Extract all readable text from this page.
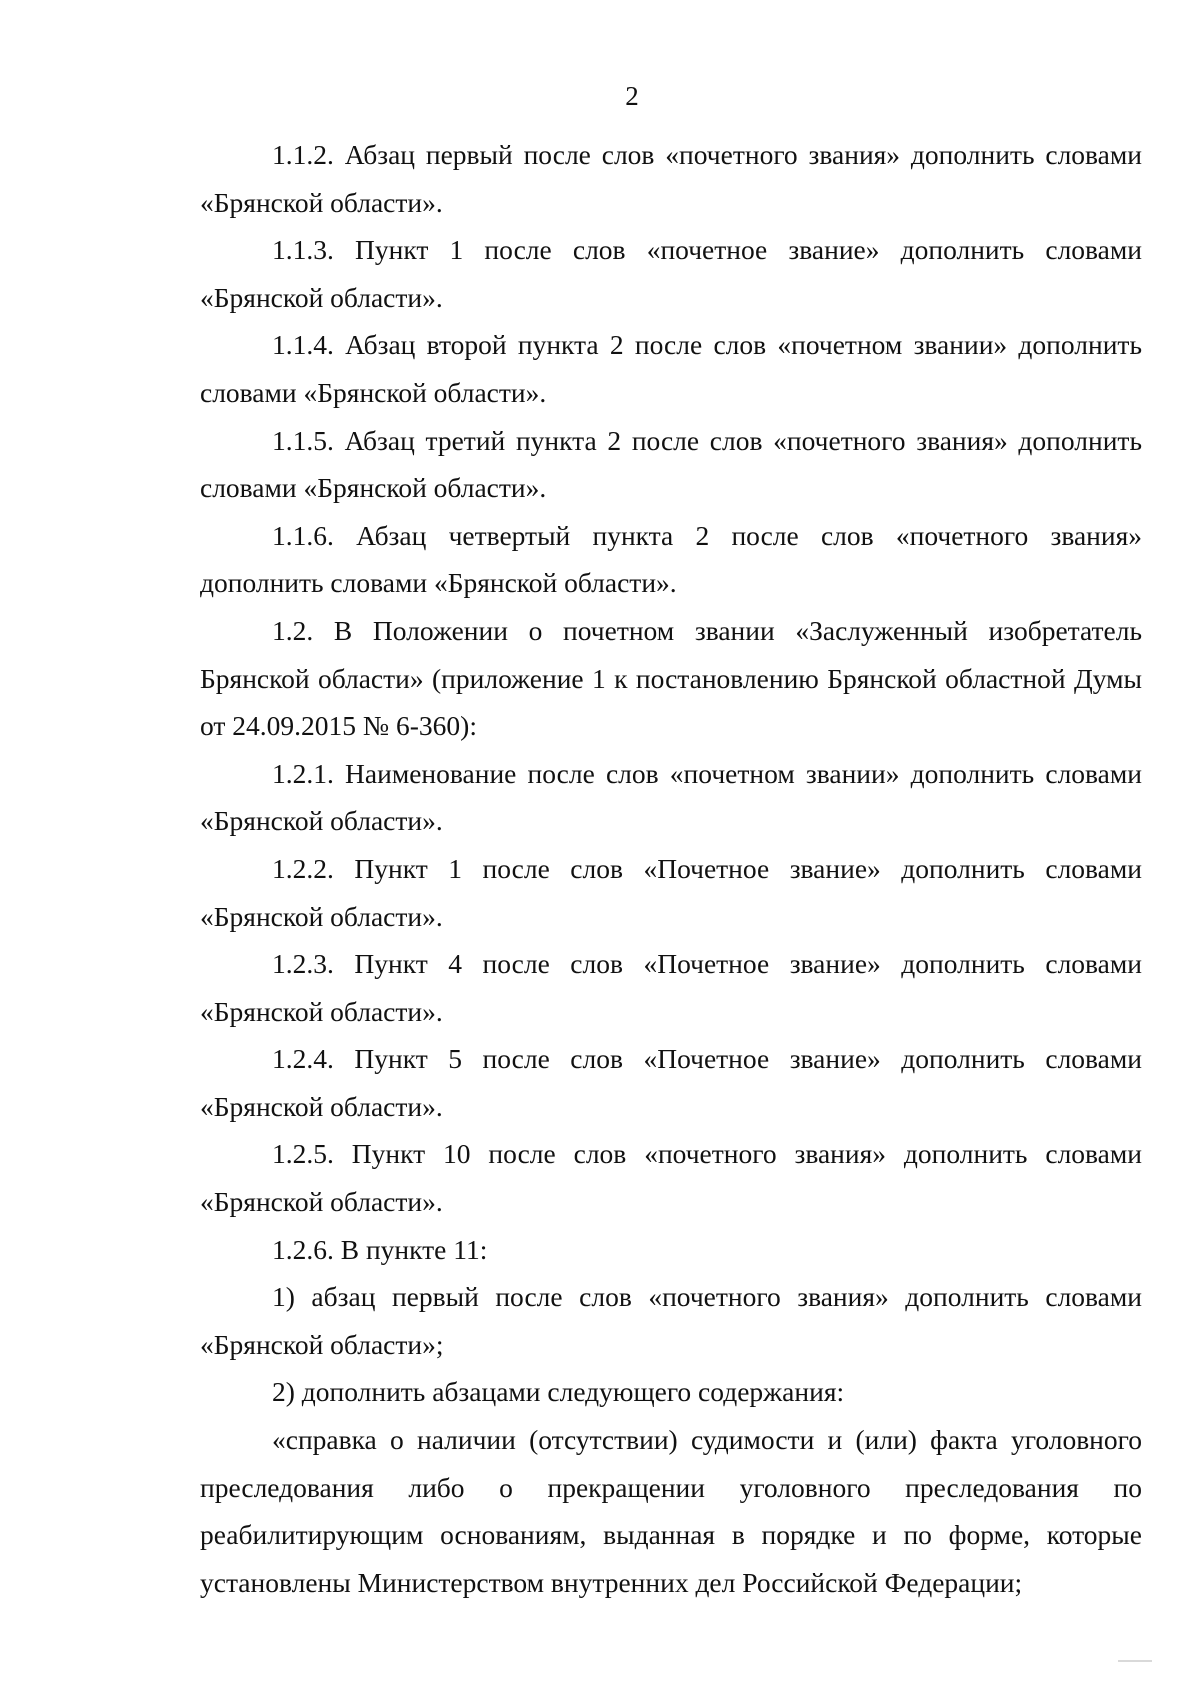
2

1.1.2. Абзац первый после слов «почетного звания» дополнить словами «Брянской области».

1.1.3. Пункт 1 после слов «почетное звание» дополнить словами «Брянской области».

1.1.4. Абзац второй пункта 2 после слов «почетном звании» дополнить словами «Брянской области».

1.1.5. Абзац третий пункта 2 после слов «почетного звания» дополнить словами «Брянской области».

1.1.6. Абзац четвертый пункта 2 после слов «почетного звания» дополнить словами «Брянской области».

1.2. В Положении о почетном звании «Заслуженный изобретатель Брянской области» (приложение 1 к постановлению Брянской областной Думы от 24.09.2015 № 6-360):

1.2.1. Наименование после слов «почетном звании» дополнить словами «Брянской области».

1.2.2. Пункт 1 после слов «Почетное звание» дополнить словами «Брянской области».

1.2.3. Пункт 4 после слов «Почетное звание» дополнить словами «Брянской области».

1.2.4. Пункт 5 после слов «Почетное звание» дополнить словами «Брянской области».

1.2.5. Пункт 10 после слов «почетного звания» дополнить словами «Брянской области».

1.2.6. В пункте 11:

1) абзац первый после слов «почетного звания» дополнить словами «Брянской области»;

2) дополнить абзацами следующего содержания:

«справка о наличии (отсутствии) судимости и (или) факта уголовного преследования либо о прекращении уголовного преследования по реабилитирующим основаниям, выданная в порядке и по форме, которые установлены Министерством внутренних дел Российской Федерации;
